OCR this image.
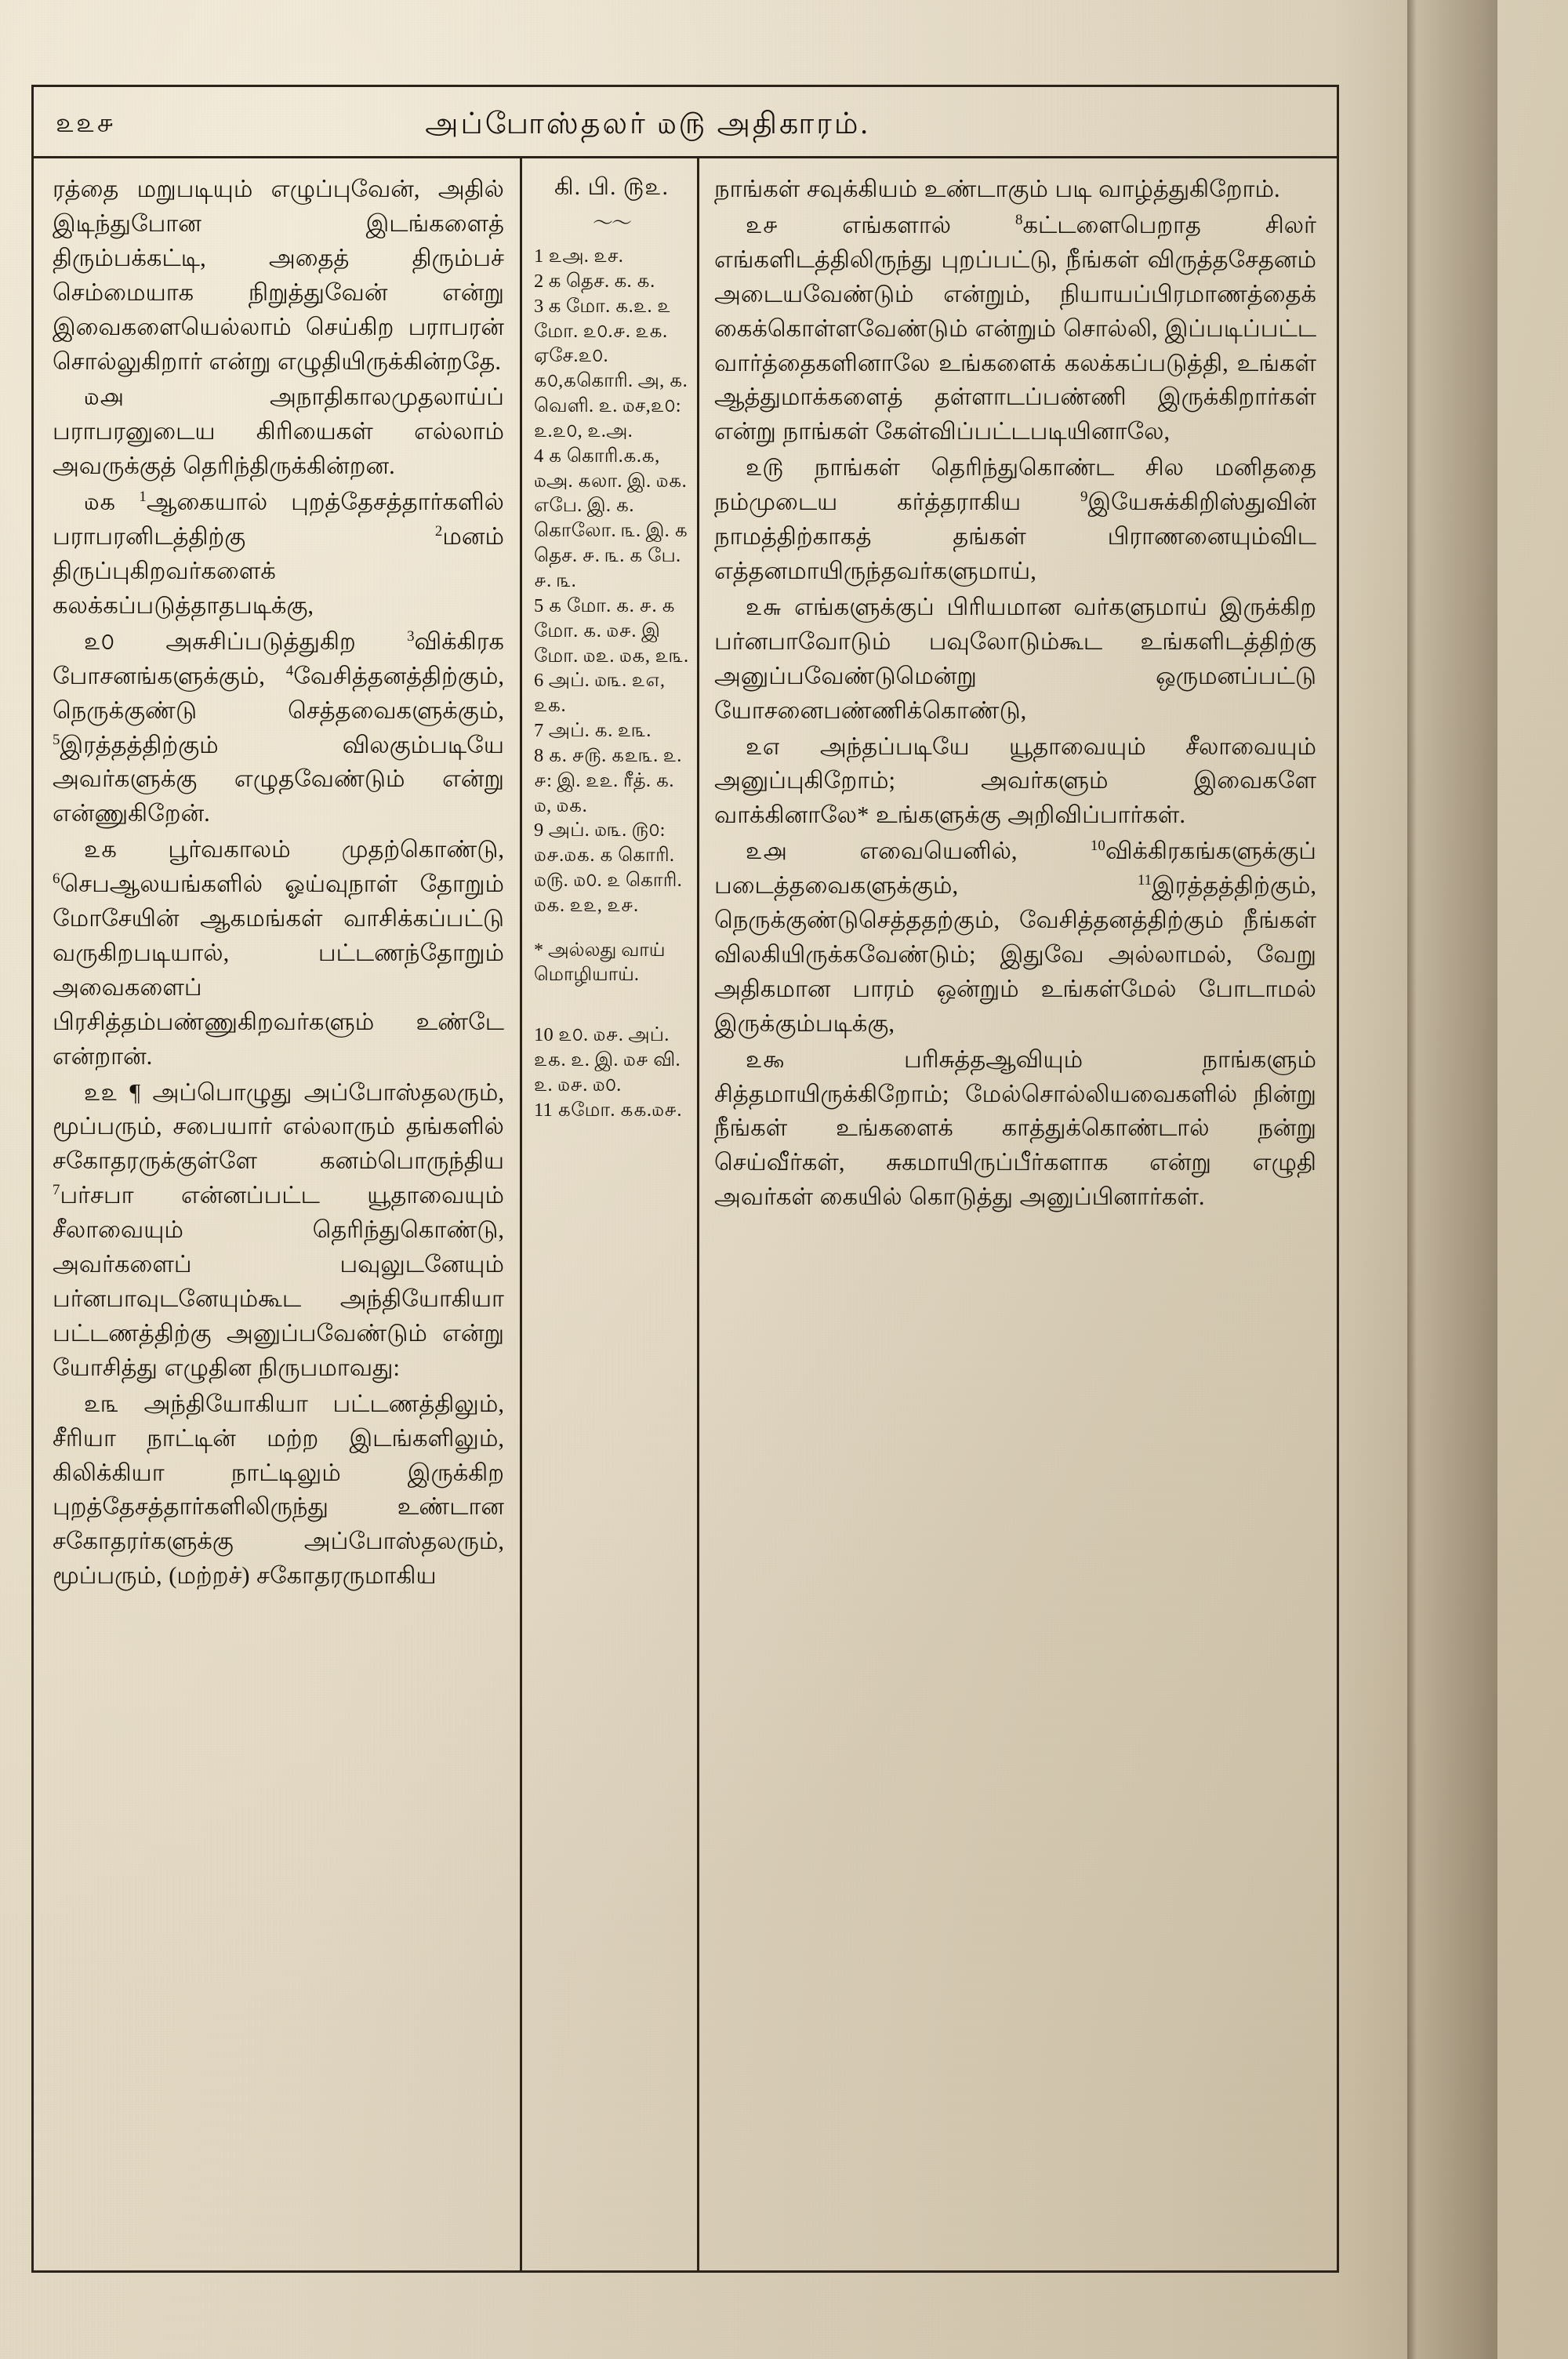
௨௨௪	அப்போஸ்தலர் ௰௫ அதிகாரம்.

ரத்தை மறுபடியும் எழுப்புவேன், அதில் இடிந்துபோன இடங்களைத் திரும்பக்கட்டி, அதைத் திரும்பச் செம்மையாக நிறுத்துவேன் என்று இவைகளையெல்லாம் செய்கிற பராபரன் சொல்லுகிறார் என்று எழுதியிருக்கின்றதே.

௰௮ அநாதிகாலமுதலாய்ப் பராபரனுடைய கிரியைகள் எல்லாம் அவருக்குத் தெரிந்திருக்கின்றன.

௰௧ $^1$ஆகையால் புறத்தேசத்தார்களில் பராபரனிடத்திற்கு $^2$மனம் திருப்புகிறவர்களைக் கலக்கப்படுத்தாதபடிக்கு,

௨௦ அசுசிப்படுத்துகிற $^3$விக்கிரக போசனங்களுக்கும், $^4$வேசித்தனத்திற்கும், நெருக்குண்டு செத்தவைகளுக்கும், $^5$இரத்தத்திற்கும் விலகும்படியே அவர்களுக்கு எழுதவேண்டும் என்று என்ணுகிறேன்.

௨௧ பூர்வகாலம் முதற்கொண்டு, $^6$செபஆலயங்களில் ஓய்வுநாள் தோறும் மோசேயின் ஆகமங்கள் வாசிக்கப்பட்டு வருகிறபடியால், பட்டணந்தோறும் அவைகளைப் பிரசித்தம்பண்ணுகிறவர்களும் உண்டே என்றான்.

௨௨ ¶ அப்பொழுது அப்போஸ்தலரும், மூப்பரும், சபையார் எல்லாரும் தங்களில் சகோதரருக்குள்ளே கனம்பொருந்திய $^7$பர்சபா என்னப்பட்ட யூதாவையும் சீலாவையும் தெரிந்துகொண்டு, அவர்களைப் பவுலுடனேயும் பர்னபாவுடனேயும்கூட அந்தியோகியா பட்டணத்திற்கு அனுப்பவேண்டும் என்று யோசித்து எழுதின நிருபமாவது:

௨௩ அந்தியோகியா பட்டணத்திலும், சீரியா நாட்டின் மற்ற இடங்களிலும், கிலிக்கியா நாட்டிலும் இருக்கிற புறத்தேசத்தார்களிலிருந்து உண்டான சகோதரர்களுக்கு அப்போஸ்தலரும், மூப்பரும், (மற்றச்) சகோதரருமாகிய

கி. பி. ௫௨.
〜〜

1 ௨அ. ௨ச.

2 க தெச. க. ௧.

3 க மோ. ௧.௨. ௨ மோ. ௨௦.௪. ௨௧. ஏசே.௨௦. ௧௦,௧கொரி. அ, ௧. வெளி. ௨. ௰ச,௨௦: ௨.௨௦, ௨.அ.

4 ௧ கொரி.௧.௧, ௰அ. ௧லா. இ. ௰௧. எபே. இ. ௧. கொலோ. ௩. இ. ௧ தெச. ௪. ௩. ௧ பே. ௪. ௩.

5 ௧ மோ. ௧. ௪. ௧ மோ. ௧. ௰௪. இ மோ. ௰௨. ௰௧, ௨௩.

6 அப். ௰௩. ௨௭, ௨௧.

7 அப். ௧. ௨௩.

8 ௧. ௪௫. ௧௨௩. ௨. ௪: இ. ௨௨. ரீத். ௧. ௰, ௰௧.

9 அப். ௰௩. ௫௦: ௰௪.௰௧. ௧ கொரி. ௰௫. ௰௦. ௨ கொரி. ௰௧. ௨௨, ௨௪.

* அல்லது வாய் மொழியாய்.

10 ௨௦. ௰௪. அப். ௨௧. ௨. இ. ௰௪ வி. ௨. ௰௪. ௰௦.

11 ௧மோ. ௧௧.௰௪.

நாங்கள் சவுக்கியம் உண்டாகும் படி வாழ்த்துகிறோம்.

௨௪ எங்களால் $^8$கட்டளைபெறாத சிலர் எங்களிடத்திலிருந்து புறப்பட்டு, நீங்கள் விருத்தசேதனம் அடையவேண்டும் என்றும், நியாயப்பிரமாணத்தைக் கைக்கொள்ளவேண்டும் என்றும் சொல்லி, இப்படிப்பட்ட வார்த்தைகளினாலே உங்களைக் கலக்கப்படுத்தி, உங்கள் ஆத்துமாக்களைத் தள்ளாடப்பண்ணி இருக்கிறார்கள் என்று நாங்கள் கேள்விப்பட்டபடியினாலே,

௨௫ நாங்கள் தெரிந்துகொண்ட சில மனிததை நம்முடைய கர்த்தராகிய $^9$இயேசுக்கிறிஸ்துவின் நாமத்திற்காகத் தங்கள் பிராணனையும்விட எத்தனமாயிருந்தவர்களுமாய்,

௨௬ எங்களுக்குப் பிரியமான வர்களுமாய் இருக்கிற பர்னபாவோடும் பவுலோடும்கூட உங்களிடத்திற்கு அனுப்பவேண்டுமென்று ஒருமனப்பட்டு யோசனைபண்ணிக்கொண்டு,

௨௭ அந்தப்படியே யூதாவையும் சீலாவையும் அனுப்புகிறோம்; அவர்களும் இவைகளே வாக்கினாலே* உங்களுக்கு அறிவிப்பார்கள்.

௨௮ எவையெனில், $^{10}$விக்கிரகங்களுக்குப் படைத்தவைகளுக்கும், $^{11}$இரத்தத்திற்கும், நெருக்குண்டுசெத்ததற்கும், வேசித்தனத்திற்கும் நீங்கள் விலகியிருக்கவேண்டும்; இதுவே அல்லாமல், வேறு அதிகமான பாரம் ஒன்றும் உங்கள்மேல் போடாமல் இருக்கும்படிக்கு,

௨௯ பரிசுத்தஆவியும் நாங்களும் சித்தமாயிருக்கிறோம்; மேல்சொல்லியவைகளில் நின்று நீங்கள் உங்களைக் காத்துக்கொண்டால் நன்று செய்வீர்கள், சுகமாயிருப்பீர்களாக என்று எழுதி அவர்கள் கையில் கொடுத்து அனுப்பினார்கள்.
